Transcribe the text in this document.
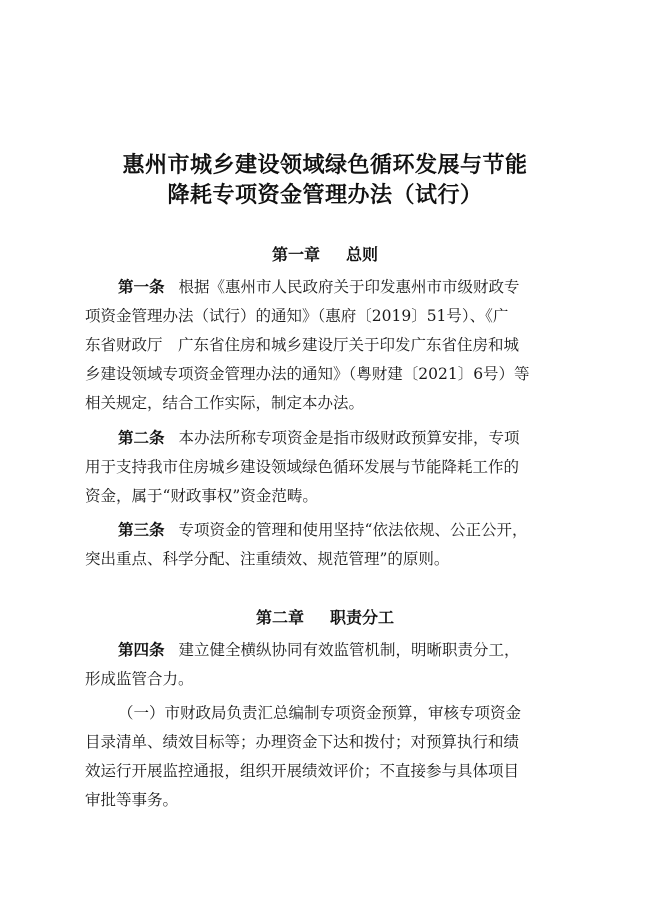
惠州市城乡建设领域绿色循环发展与节能
降耗专项资金管理办法（试行）
第一章 总则
第一条 根据《惠州市人民政府关于印发惠州市市级财政专
项资金管理办法（试行）的通知》（惠府〔2019〕51号）、《广
东省财政厅　广东省住房和城乡建设厅关于印发广东省住房和城
乡建设领域专项资金管理办法的通知》（粤财建〔2021〕6号）等
相关规定，结合工作实际，制定本办法。
第二条 本办法所称专项资金是指市级财政预算安排，专项
用于支持我市住房城乡建设领域绿色循环发展与节能降耗工作的
资金，属于“财政事权”资金范畴。
第三条 专项资金的管理和使用坚持“依法依规、公正公开，
突出重点、科学分配、注重绩效、规范管理”的原则。
第二章 职责分工
第四条 建立健全横纵协同有效监管机制，明晰职责分工，
形成监管合力。
（一）市财政局负责汇总编制专项资金预算，审核专项资金
目录清单、绩效目标等；办理资金下达和拨付；对预算执行和绩
效运行开展监控通报，组织开展绩效评价；不直接参与具体项目
审批等事务。
